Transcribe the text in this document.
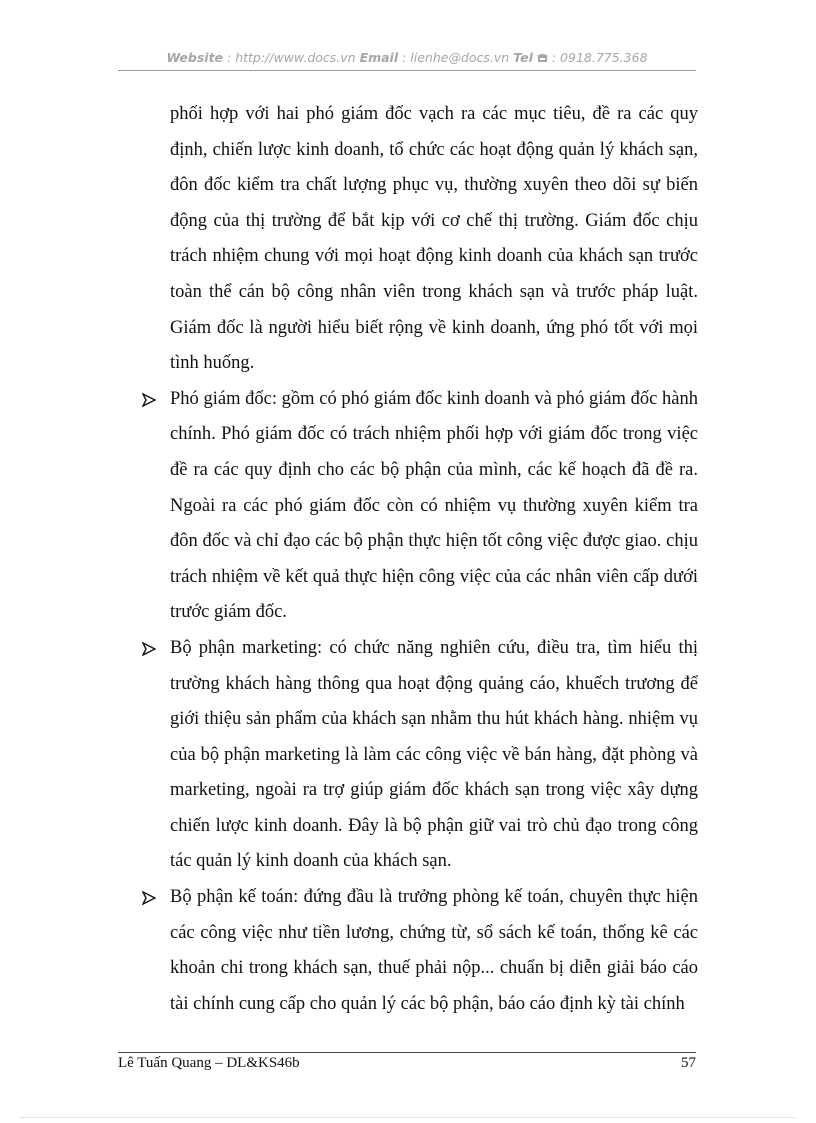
Website : http://www.docs.vn Email : lienhe@docs.vn Tel  : 0918.775.368

phối hợp với hai phó giám đốc vạch ra các mục tiêu, đề ra các quy định, chiến lược kinh doanh, tổ chức các hoạt động quản lý khách sạn, đôn đốc kiểm tra chất lượng phục vụ, thường xuyên theo dõi sự biến động của thị trường để bắt kịp với cơ chế thị trường. Giám đốc chịu trách nhiệm chung với mọi hoạt động kinh doanh của khách sạn trước toàn thể cán bộ công nhân viên trong khách sạn và trước pháp luật. Giám đốc là người hiểu biết rộng về kinh doanh, ứng phó tốt với mọi tình huống.

Phó giám đốc: gồm có phó giám đốc kinh doanh và phó giám đốc hành chính. Phó giám đốc có trách nhiệm phối hợp với giám đốc trong việc đề ra các quy định cho các bộ phận của mình, các kế hoạch đã đề ra. Ngoài ra các phó giám đốc còn có nhiệm vụ thường xuyên kiểm tra đôn đốc và chỉ đạo các bộ phận thực hiện tốt công việc được giao. chịu trách nhiệm về kết quả thực hiện công việc của các nhân viên cấp dưới trước giám đốc.
Bộ phận marketing: có chức năng nghiên cứu, điều tra, tìm hiểu thị trường khách hàng thông qua hoạt động quảng cáo, khuếch trương để giới thiệu sản phẩm của khách sạn nhằm thu hút khách hàng. nhiệm vụ của bộ phận marketing là làm các công việc về bán hàng, đặt phòng và marketing, ngoài ra trợ giúp giám đốc khách sạn trong việc xây dựng chiến lược kinh doanh. Đây là bộ phận giữ vai trò chủ đạo trong công tác quản lý kinh doanh của khách sạn.
Bộ phận kế toán: đứng đầu là trưởng phòng kế toán, chuyên thực hiện các công việc như tiền lương, chứng từ, sổ sách kế toán, thống kê các khoản chi trong khách sạn, thuế phải nộp... chuẩn bị diễn giải báo cáo tài chính cung cấp cho quản lý các bộ phận, báo cáo định kỳ tài chính
Lê Tuấn Quang – DL&KS46b	57
